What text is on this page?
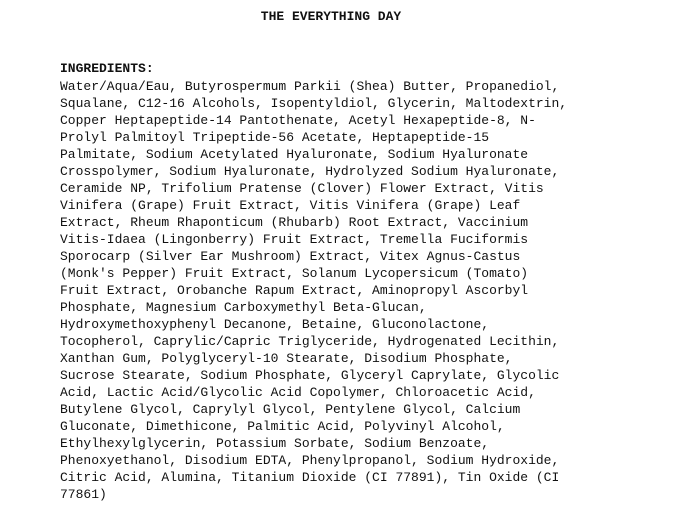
THE EVERYTHING DAY
INGREDIENTS:
Water/Aqua/Eau, Butyrospermum Parkii (Shea) Butter, Propanediol,
Squalane, C12-16 Alcohols, Isopentyldiol, Glycerin, Maltodextrin,
Copper Heptapeptide-14 Pantothenate, Acetyl Hexapeptide-8, N-
Prolyl Palmitoyl Tripeptide-56 Acetate, Heptapeptide-15
Palmitate, Sodium Acetylated Hyaluronate, Sodium Hyaluronate
Crosspolymer, Sodium Hyaluronate, Hydrolyzed Sodium Hyaluronate,
Ceramide NP, Trifolium Pratense (Clover) Flower Extract, Vitis
Vinifera (Grape) Fruit Extract, Vitis Vinifera (Grape) Leaf
Extract, Rheum Rhaponticum (Rhubarb) Root Extract, Vaccinium
Vitis-Idaea (Lingonberry) Fruit Extract, Tremella Fuciformis
Sporocarp (Silver Ear Mushroom) Extract, Vitex Agnus-Castus
(Monk's Pepper) Fruit Extract, Solanum Lycopersicum (Tomato)
Fruit Extract, Orobanche Rapum Extract, Aminopropyl Ascorbyl
Phosphate, Magnesium Carboxymethyl Beta-Glucan,
Hydroxymethoxyphenyl Decanone, Betaine, Gluconolactone,
Tocopherol, Caprylic/Capric Triglyceride, Hydrogenated Lecithin,
Xanthan Gum, Polyglyceryl-10 Stearate, Disodium Phosphate,
Sucrose Stearate, Sodium Phosphate, Glyceryl Caprylate, Glycolic
Acid, Lactic Acid/Glycolic Acid Copolymer, Chloroacetic Acid,
Butylene Glycol, Caprylyl Glycol, Pentylene Glycol, Calcium
Gluconate, Dimethicone, Palmitic Acid, Polyvinyl Alcohol,
Ethylhexylglycerin, Potassium Sorbate, Sodium Benzoate,
Phenoxyethanol, Disodium EDTA, Phenylpropanol, Sodium Hydroxide,
Citric Acid, Alumina, Titanium Dioxide (CI 77891), Tin Oxide (CI
77861)
